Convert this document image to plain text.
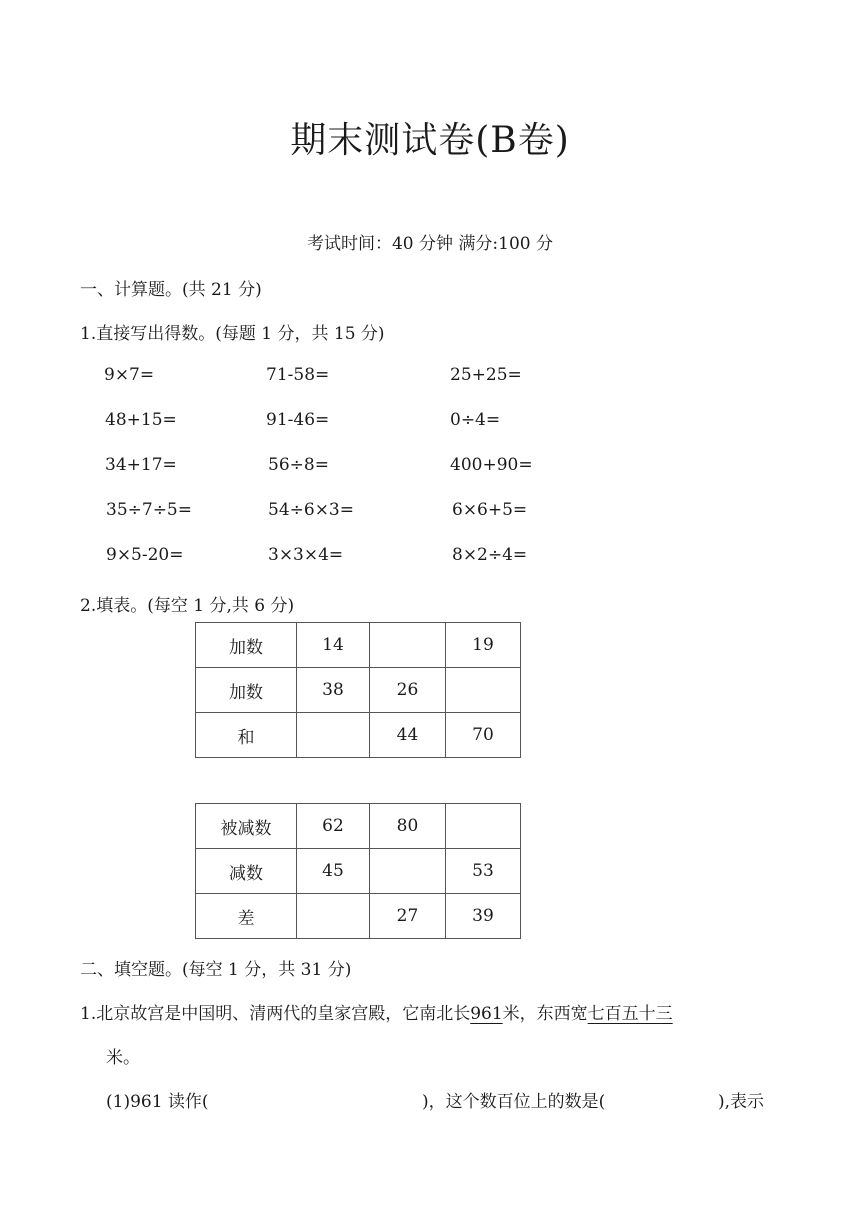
期末测试卷(B卷)
考试时间：40 分钟 满分:100 分
一、计算题。(共 21 分)
1.直接写出得数。(每题 1 分，共 15 分)
9×7=	71-58=	25+25=
48+15=	91-46=	0÷4=
34+17=	56÷8=	400+90=
35÷7÷5=	54÷6×3=	6×6+5=
9×5-20=	3×3×4=	8×2÷4=
2.填表。(每空 1 分,共 6 分)
加数	14		19
加数	38	26	
和		44	70
被减数	62	80	
减数	45		53
差		27	39
二、填空题。(每空 1 分，共 31 分)
1.北京故宫是中国明、清两代的皇家宫殿，它南北长961米，东西宽七百五十三
米。
(1)961 读作(	)，这个数百位上的数是(	),表示
